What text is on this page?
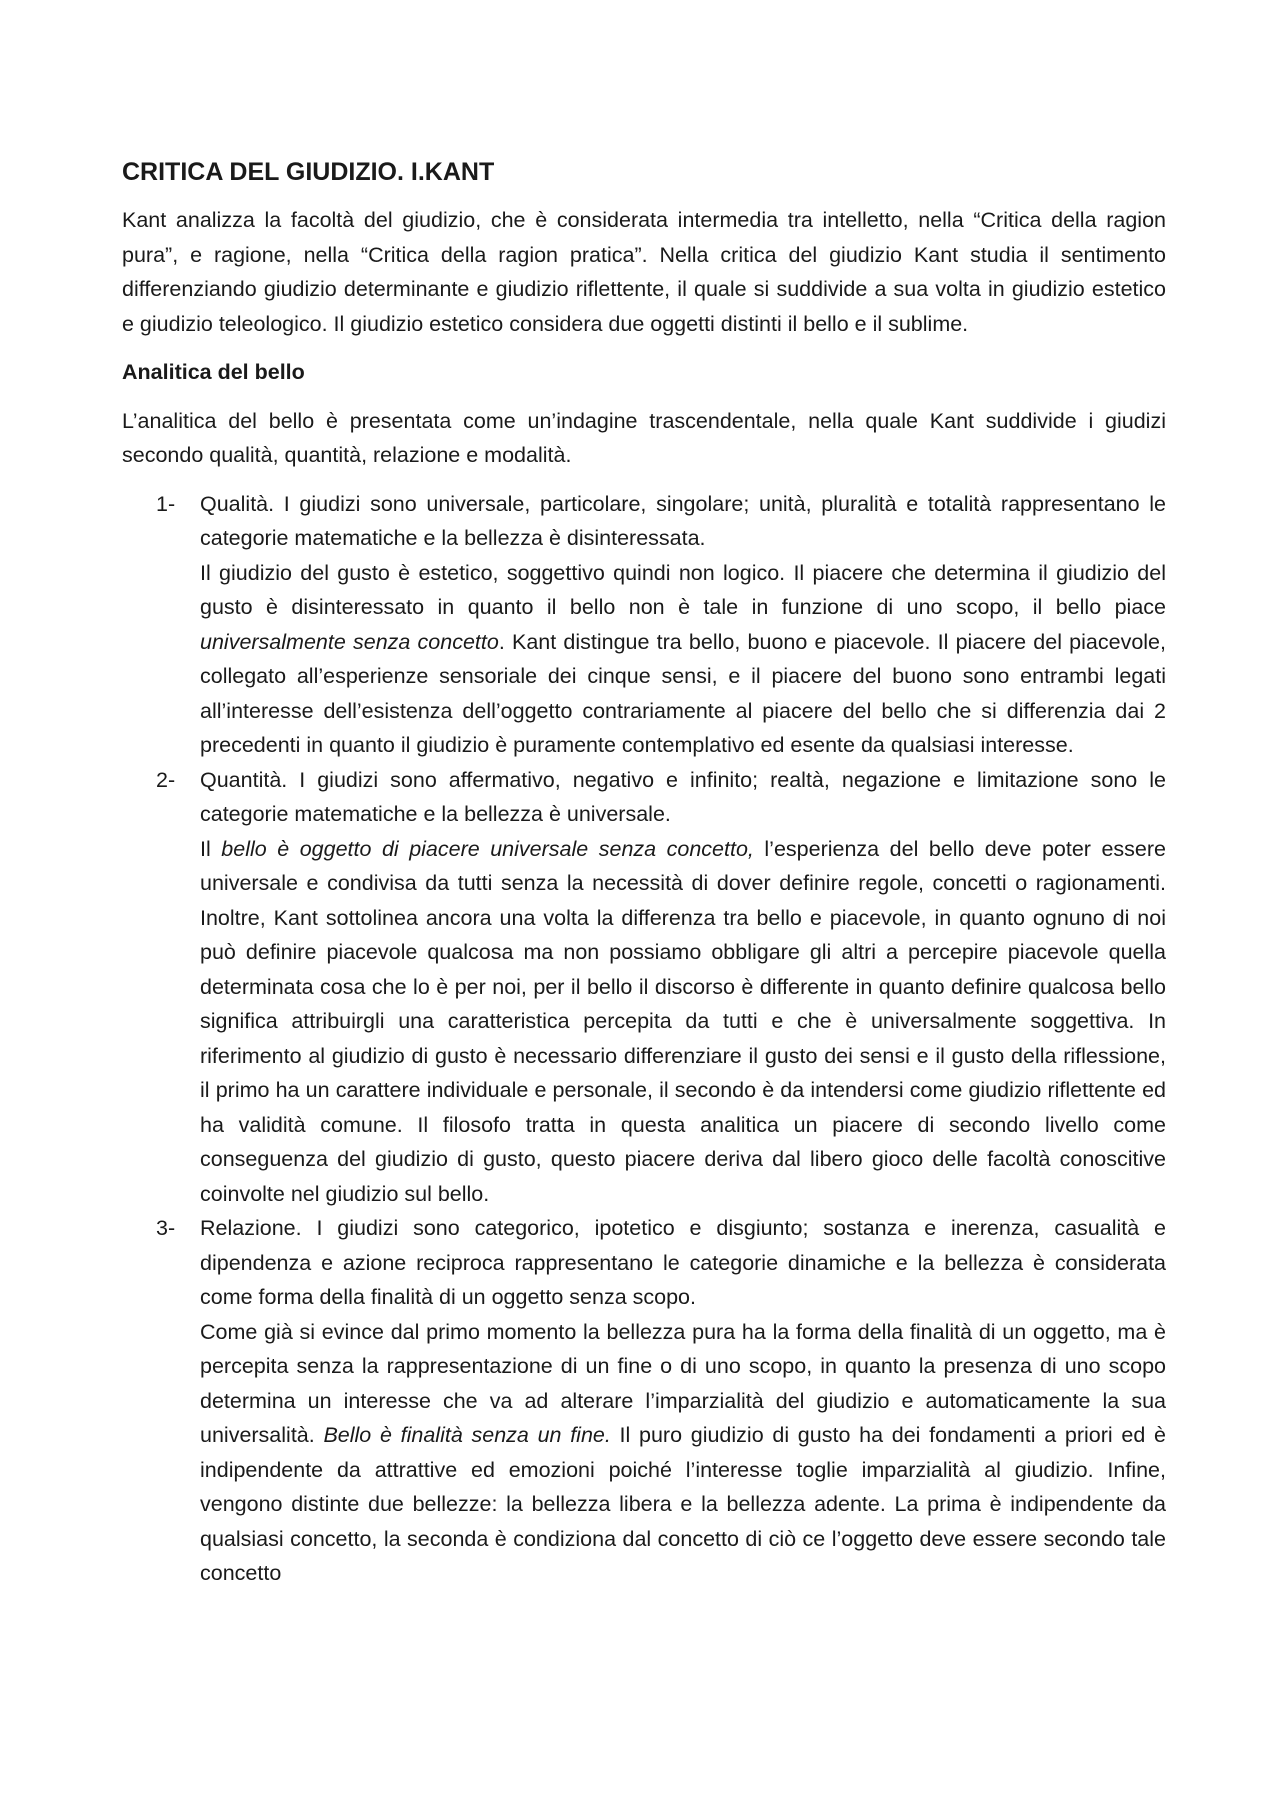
CRITICA DEL GIUDIZIO. I.KANT

Kant analizza la facoltà del giudizio, che è considerata intermedia tra intelletto, nella “Critica della ragion pura”, e ragione, nella “Critica della ragion pratica”. Nella critica del giudizio Kant studia il sentimento differenziando giudizio determinante e giudizio riflettente, il quale si suddivide a sua volta in giudizio estetico e giudizio teleologico. Il giudizio estetico considera due oggetti distinti il bello e il sublime.

Analitica del bello

L’analitica del bello è presentata come un’indagine trascendentale, nella quale Kant suddivide i giudizi secondo qualità, quantità, relazione e modalità.

1-	Qualità. I giudizi sono universale, particolare, singolare; unità, pluralità e totalità rappresentano le categorie matematiche e la bellezza è disinteressata.

Il giudizio del gusto è estetico, soggettivo quindi non logico. Il piacere che determina il giudizio del gusto è disinteressato in quanto il bello non è tale in funzione di uno scopo, il bello piace universalmente senza concetto. Kant distingue tra bello, buono e piacevole. Il piacere del piacevole, collegato all’esperienze sensoriale dei cinque sensi, e il piacere del buono sono entrambi legati all’interesse dell’esistenza dell’oggetto contrariamente al piacere del bello che si differenzia dai 2 precedenti in quanto il giudizio è puramente contemplativo ed esente da qualsiasi interesse.

2-	Quantità. I giudizi sono affermativo, negativo e infinito; realtà, negazione e limitazione sono le categorie matematiche e la bellezza è universale.

Il bello è oggetto di piacere universale senza concetto, l’esperienza del bello deve poter essere universale e condivisa da tutti senza la necessità di dover definire regole, concetti o ragionamenti. Inoltre, Kant sottolinea ancora una volta la differenza tra bello e piacevole, in quanto ognuno di noi può definire piacevole qualcosa ma non possiamo obbligare gli altri a percepire piacevole quella determinata cosa che lo è per noi, per il bello il discorso è differente in quanto definire qualcosa bello significa attribuirgli una caratteristica percepita da tutti e che è universalmente soggettiva. In riferimento al giudizio di gusto è necessario differenziare il gusto dei sensi e il gusto della riflessione, il primo ha un carattere individuale e personale, il secondo è da intendersi come giudizio riflettente ed ha validità comune. Il filosofo tratta in questa analitica un piacere di secondo livello come conseguenza del giudizio di gusto, questo piacere deriva dal libero gioco delle facoltà conoscitive coinvolte nel giudizio sul bello.

3-	Relazione. I giudizi sono categorico, ipotetico e disgiunto; sostanza e inerenza, casualità e dipendenza e azione reciproca rappresentano le categorie dinamiche e la bellezza è considerata come forma della finalità di un oggetto senza scopo.

Come già si evince dal primo momento la bellezza pura ha la forma della finalità di un oggetto, ma è percepita senza la rappresentazione di un fine o di uno scopo, in quanto la presenza di uno scopo determina un interesse che va ad alterare l’imparzialità del giudizio e automaticamente la sua universalità. Bello è finalità senza un fine. Il puro giudizio di gusto ha dei fondamenti a priori ed è indipendente da attrattive ed emozioni poiché l’interesse toglie imparzialità al giudizio. Infine, vengono distinte due bellezze: la bellezza libera e la bellezza adente. La prima è indipendente da qualsiasi concetto, la seconda è condiziona dal concetto di ciò ce l’oggetto deve essere secondo tale concetto
